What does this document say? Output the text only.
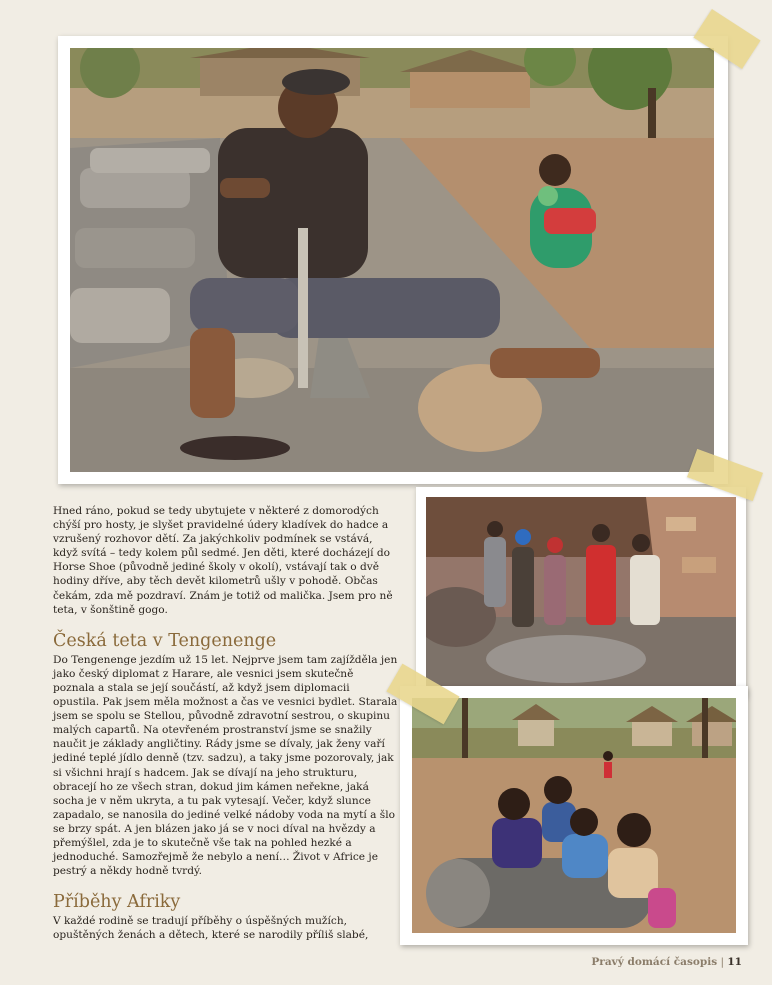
Hned ráno, pokud se tedy ubytujete v některé z domorodých chýší pro hosty, je slyšet pravidelné údery kladívek do hadce a vzrušený rozhovor dětí. Za jakýchkoliv podmínek se vstává, když svítá – tedy kolem půl sedmé. Jen děti, které docházejí do Horse Shoe (původně jediné školy v okolí), vstávají tak o dvě hodiny dříve, aby těch devět kilometrů ušly v pohodě. Občas čekám, zda mě pozdraví. Znám je totiž od malička. Jsem pro ně teta, v šonštině gogo.

Česká teta v Tengenenge

Do Tengenenge jezdím už 15 let. Nejprve jsem tam zajížděla jen jako český diplomat z Harare, ale vesnici jsem skutečně poznala a stala se její součástí, až když jsem diplomacii opustila. Pak jsem měla možnost a čas ve vesnici bydlet. Starala jsem se spolu se Stellou, původně zdravotní sestrou, o skupinu malých capartů. Na otevřeném prostranství jsme se snažily naučit je základy angličtiny. Rády jsme se dívaly, jak ženy vaří jediné teplé jídlo denně (tzv. sadzu), a taky jsme pozorovaly, jak si všichni hrají s hadcem. Jak se dívají na jeho strukturu, obracejí ho ze všech stran, dokud jim kámen neřekne, jaká socha je v něm ukryta, a tu pak vytesají. Večer, když slunce zapadalo, se nanosila do jediné velké nádoby voda na mytí a šlo se brzy spát. A jen blázen jako já se v noci díval na hvězdy a přemýšlel, zda je to skutečně vše tak na pohled hezké a jednoduché. Samozřejmě že nebylo a není… Život v Africe je pestrý a někdy hodně tvrdý.

Příběhy Afriky

V každé rodině se tradují příběhy o úspěšných mužích, opuštěných ženách a dětech, které se narodily příliš slabé,

Pravý domácí časopis | 11
